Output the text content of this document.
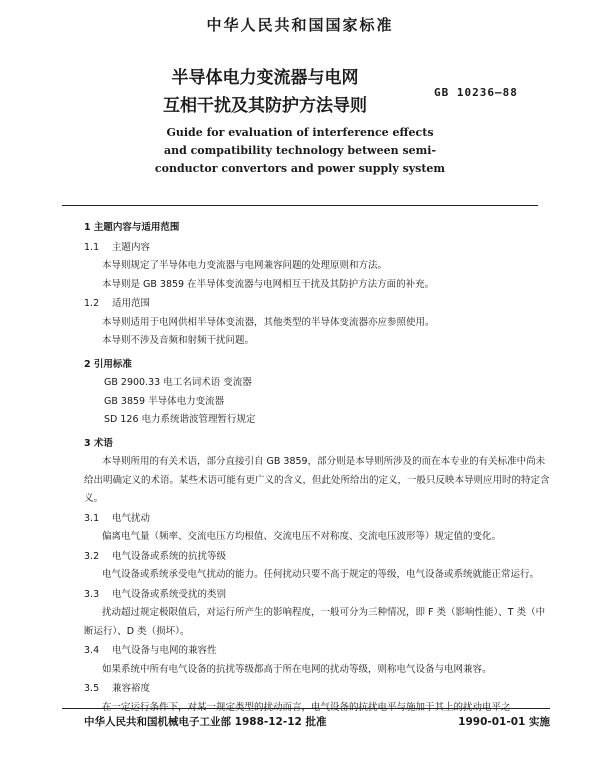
中华人民共和国国家标准
半导体电力变流器与电网
互相干扰及其防护方法导则
GB 10236—88
Guide for evaluation of interference effects
and compatibility technology between semi-
conductor convertors and power supply system
1 主题内容与适用范围
1.1 主题内容
本导则规定了半导体电力变流器与电网兼容问题的处理原则和方法。
本导则是 GB 3859 在半导体变流器与电网相互干扰及其防护方法方面的补充。
1.2 适用范围
本导则适用于电网供相半导体变流器，其他类型的半导体变流器亦应参照使用。
本导则不涉及音频和射频干扰问题。
2 引用标准
GB 2900.33 电工名词术语 变流器
GB 3859 半导体电力变流器
SD 126 电力系统谐波管理暂行规定
3 术语
本导则所用的有关术语，部分直接引自 GB 3859，部分则是本导则所涉及的而在本专业的有关标准中尚未给出明确定义的术语。某些术语可能有更广义的含义，但此处所给出的定义，一般只反映本导则应用时的特定含义。
3.1 电气扰动
偏离电气量（频率、交流电压方均根值、交流电压不对称度、交流电压波形等）规定值的变化。
3.2 电气设备或系统的抗扰等级
电气设备或系统承受电气扰动的能力。任何扰动只要不高于规定的等级，电气设备或系统就能正常运行。
3.3 电气设备或系统受扰的类别
扰动超过规定极限值后，对运行所产生的影响程度，一般可分为三种情况，即 F 类（影响性能）、T 类（中断运行）、D 类（损坏）。
3.4 电气设备与电网的兼容性
如果系统中所有电气设备的抗扰等级都高于所在电网的扰动等级，则称电气设备与电网兼容。
3.5 兼容裕度
在一定运行条件下，对某一规定类型的扰动而言，电气设备的抗扰电平与施加于其上的扰动电平之
中华人民共和国机械电子工业部 1988-12-12 批准	1990-01-01 实施
